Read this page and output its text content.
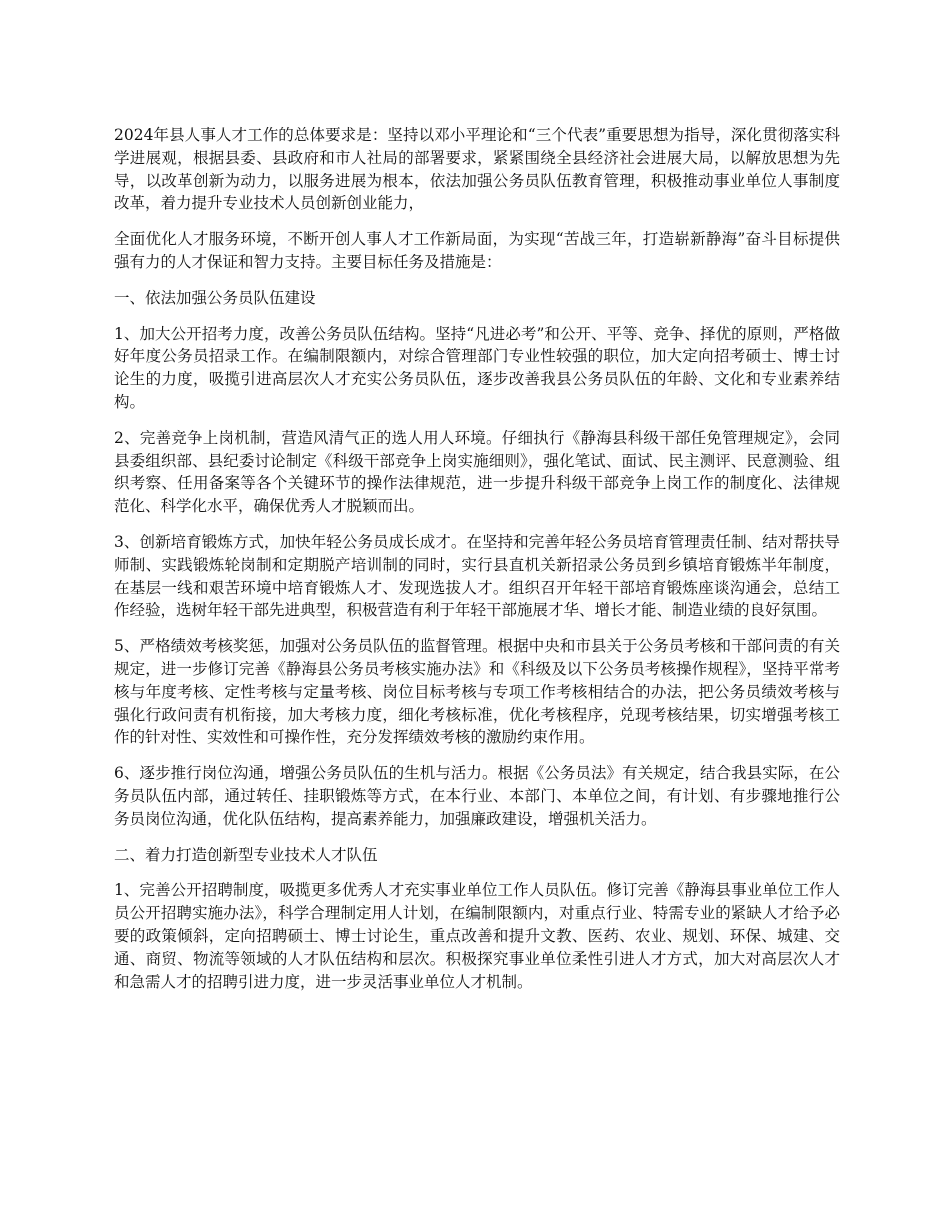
2024年县人事人才工作的总体要求是：坚持以邓小平理论和“三个代表”重要思想为指导，深化贯彻落实科学进展观，根据县委、县政府和市人社局的部署要求，紧紧围绕全县经济社会进展大局，以解放思想为先导，以改革创新为动力，以服务进展为根本，依法加强公务员队伍教育管理，积极推动事业单位人事制度改革，着力提升专业技术人员创新创业能力，

全面优化人才服务环境，不断开创人事人才工作新局面，为实现“苦战三年，打造崭新静海”奋斗目标提供强有力的人才保证和智力支持。主要目标任务及措施是：

一、依法加强公务员队伍建设

1、加大公开招考力度，改善公务员队伍结构。坚持“凡进必考”和公开、平等、竞争、择优的原则，严格做好年度公务员招录工作。在编制限额内，对综合管理部门专业性较强的职位，加大定向招考硕士、博士讨论生的力度，吸揽引进高层次人才充实公务员队伍，逐步改善我县公务员队伍的年龄、文化和专业素养结构。

2、完善竞争上岗机制，营造风清气正的选人用人环境。仔细执行《静海县科级干部任免管理规定》，会同县委组织部、县纪委讨论制定《科级干部竞争上岗实施细则》，强化笔试、面试、民主测评、民意测验、组织考察、任用备案等各个关键环节的操作法律规范，进一步提升科级干部竞争上岗工作的制度化、法律规范化、科学化水平，确保优秀人才脱颖而出。

3、创新培育锻炼方式，加快年轻公务员成长成才。在坚持和完善年轻公务员培育管理责任制、结对帮扶导师制、实践锻炼轮岗制和定期脱产培训制的同时，实行县直机关新招录公务员到乡镇培育锻炼半年制度，在基层一线和艰苦环境中培育锻炼人才、发现选拔人才。组织召开年轻干部培育锻炼座谈沟通会，总结工作经验，选树年轻干部先进典型，积极营造有利于年轻干部施展才华、增长才能、制造业绩的良好氛围。

5、严格绩效考核奖惩，加强对公务员队伍的监督管理。根据中央和市县关于公务员考核和干部问责的有关规定，进一步修订完善《静海县公务员考核实施办法》和《科级及以下公务员考核操作规程》，坚持平常考核与年度考核、定性考核与定量考核、岗位目标考核与专项工作考核相结合的办法，把公务员绩效考核与强化行政问责有机衔接，加大考核力度，细化考核标准，优化考核程序，兑现考核结果，切实增强考核工作的针对性、实效性和可操作性，充分发挥绩效考核的激励约束作用。

6、逐步推行岗位沟通，增强公务员队伍的生机与活力。根据《公务员法》有关规定，结合我县实际，在公务员队伍内部，通过转任、挂职锻炼等方式，在本行业、本部门、本单位之间，有计划、有步骤地推行公务员岗位沟通，优化队伍结构，提高素养能力，加强廉政建设，增强机关活力。

二、着力打造创新型专业技术人才队伍

1、完善公开招聘制度，吸揽更多优秀人才充实事业单位工作人员队伍。修订完善《静海县事业单位工作人员公开招聘实施办法》，科学合理制定用人计划，在编制限额内，对重点行业、特需专业的紧缺人才给予必要的政策倾斜，定向招聘硕士、博士讨论生，重点改善和提升文教、医药、农业、规划、环保、城建、交通、商贸、物流等领域的人才队伍结构和层次。积极探究事业单位柔性引进人才方式，加大对高层次人才和急需人才的招聘引进力度，进一步灵活事业单位人才机制。
